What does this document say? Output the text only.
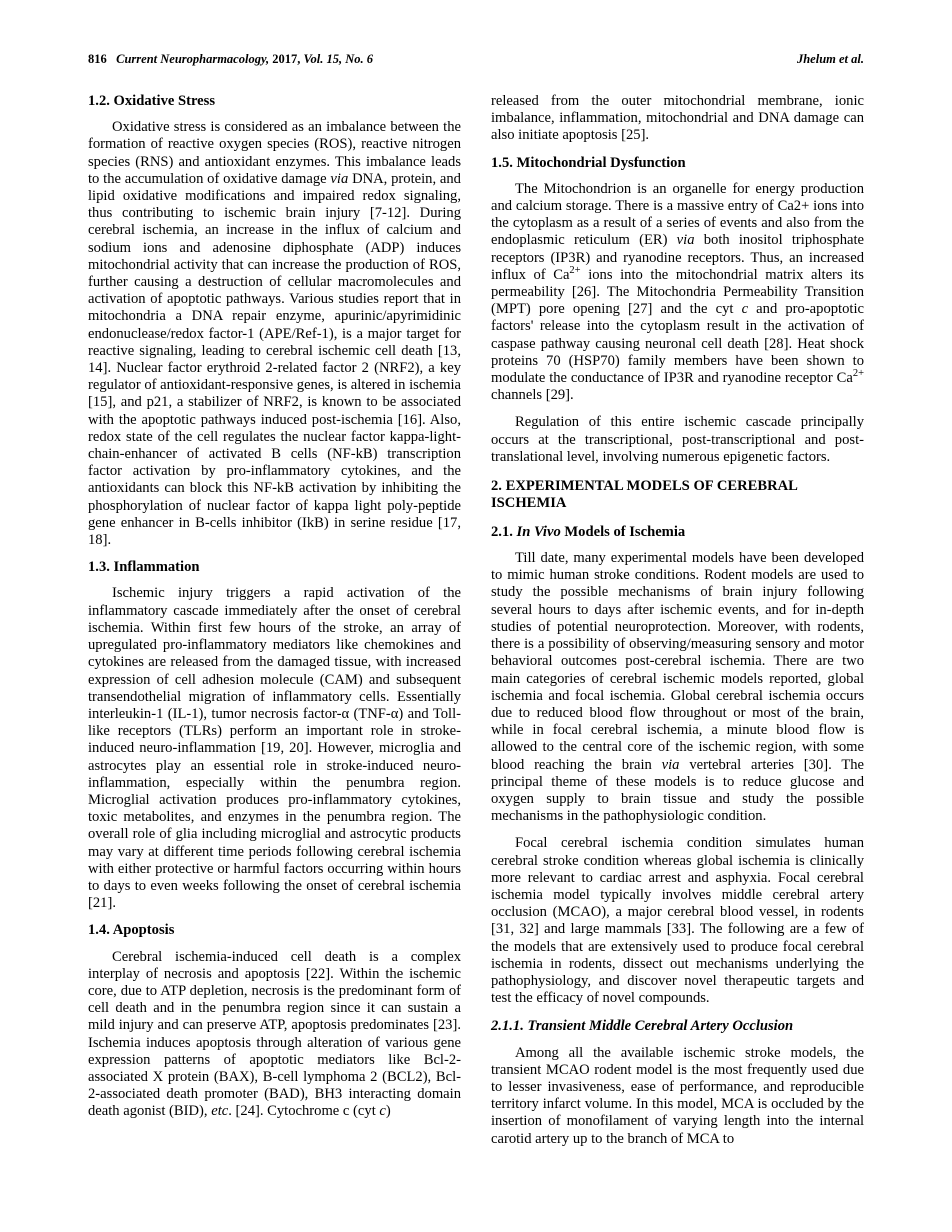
816 Current Neuropharmacology, 2017, Vol. 15, No. 6	Jhelum et al.
1.2. Oxidative Stress

Oxidative stress is considered as an imbalance between the formation of reactive oxygen species (ROS), reactive nitrogen species (RNS) and antioxidant enzymes. This imbalance leads to the accumulation of oxidative damage via DNA, protein, and lipid oxidative modifications and impaired redox signaling, thus contributing to ischemic brain injury [7-12]. During cerebral ischemia, an increase in the influx of calcium and sodium ions and adenosine diphosphate (ADP) induces mitochondrial activity that can increase the production of ROS, further causing a destruction of cellular macromolecules and activation of apoptotic pathways. Various studies report that in mitochondria a DNA repair enzyme, apurinic/apyrimidinic endonuclease/redox factor-1 (APE/Ref-1), is a major target for reactive signaling, leading to cerebral ischemic cell death [13, 14]. Nuclear factor erythroid 2-related factor 2 (NRF2), a key regulator of antioxidant-responsive genes, is altered in ischemia [15], and p21, a stabilizer of NRF2, is known to be associated with the apoptotic pathways induced post-ischemia [16]. Also, redox state of the cell regulates the nuclear factor kappa-light-chain-enhancer of activated B cells (NF-kB) transcription factor activation by pro-inflammatory cytokines, and the antioxidants can block this NF-kB activation by inhibiting the phosphorylation of nuclear factor of kappa light poly-peptide gene enhancer in B-cells inhibitor (IkB) in serine residue [17, 18].

1.3. Inflammation

Ischemic injury triggers a rapid activation of the inflammatory cascade immediately after the onset of cerebral ischemia. Within first few hours of the stroke, an array of upregulated pro-inflammatory mediators like chemokines and cytokines are released from the damaged tissue, with increased expression of cell adhesion molecule (CAM) and subsequent transendothelial migration of inflammatory cells. Essentially interleukin-1 (IL-1), tumor necrosis factor-α (TNF-α) and Toll-like receptors (TLRs) perform an important role in stroke-induced neuro-inflammation [19, 20]. However, microglia and astrocytes play an essential role in stroke-induced neuro-inflammation, especially within the penumbra region. Microglial activation produces pro-inflammatory cytokines, toxic metabolites, and enzymes in the penumbra region. The overall role of glia including microglial and astrocytic products may vary at different time periods following cerebral ischemia with either protective or harmful factors occurring within hours to days to even weeks following the onset of cerebral ischemia [21].

1.4. Apoptosis

Cerebral ischemia-induced cell death is a complex interplay of necrosis and apoptosis [22]. Within the ischemic core, due to ATP depletion, necrosis is the predominant form of cell death and in the penumbra region since it can sustain a mild injury and can preserve ATP, apoptosis predominates [23]. Ischemia induces apoptosis through alteration of various gene expression patterns of apoptotic mediators like Bcl-2-associated X protein (BAX), B-cell lymphoma 2 (BCL2), Bcl-2-associated death promoter (BAD), BH3 interacting domain death agonist (BID), etc. [24]. Cytochrome c (cyt c)

released from the outer mitochondrial membrane, ionic imbalance, inflammation, mitochondrial and DNA damage can also initiate apoptosis [25].

1.5. Mitochondrial Dysfunction

The Mitochondrion is an organelle for energy production and calcium storage. There is a massive entry of Ca2+ ions into the cytoplasm as a result of a series of events and also from the endoplasmic reticulum (ER) via both inositol triphosphate receptors (IP3R) and ryanodine receptors. Thus, an increased influx of $Ca^{2+}$ ions into the mitochondrial matrix alters its permeability [26]. The Mitochondria Permeability Transition (MPT) pore opening [27] and the cyt c and pro-apoptotic factors' release into the cytoplasm result in the activation of caspase pathway causing neuronal cell death [28]. Heat shock proteins 70 (HSP70) family members have been shown to modulate the conductance of IP3R and ryanodine receptor $Ca^{2+}$ channels [29].

Regulation of this entire ischemic cascade principally occurs at the transcriptional, post-transcriptional and post-translational level, involving numerous epigenetic factors.

2. EXPERIMENTAL MODELS OF CEREBRAL ISCHEMIA
2.1. In Vivo Models of Ischemia

Till date, many experimental models have been developed to mimic human stroke conditions. Rodent models are used to study the possible mechanisms of brain injury following several hours to days after ischemic events, and for in-depth studies of potential neuroprotection. Moreover, with rodents, there is a possibility of observing/measuring sensory and motor behavioral outcomes post-cerebral ischemia. There are two main categories of cerebral ischemic models reported, global ischemia and focal ischemia. Global cerebral ischemia occurs due to reduced blood flow throughout or most of the brain, while in focal cerebral ischemia, a minute blood flow is allowed to the central core of the ischemic region, with some blood reaching the brain via vertebral arteries [30]. The principal theme of these models is to reduce glucose and oxygen supply to brain tissue and study the possible mechanisms in the pathophysiologic condition.

Focal cerebral ischemia condition simulates human cerebral stroke condition whereas global ischemia is clinically more relevant to cardiac arrest and asphyxia. Focal cerebral ischemia model typically involves middle cerebral artery occlusion (MCAO), a major cerebral blood vessel, in rodents [31, 32] and large mammals [33]. The following are a few of the models that are extensively used to produce focal cerebral ischemia in rodents, dissect out mechanisms underlying the pathophysiology, and discover novel therapeutic targets and test the efficacy of novel compounds.

2.1.1. Transient Middle Cerebral Artery Occlusion

Among all the available ischemic stroke models, the transient MCAO rodent model is the most frequently used due to lesser invasiveness, ease of performance, and reproducible territory infarct volume. In this model, MCA is occluded by the insertion of monofilament of varying length into the internal carotid artery up to the branch of MCA to
